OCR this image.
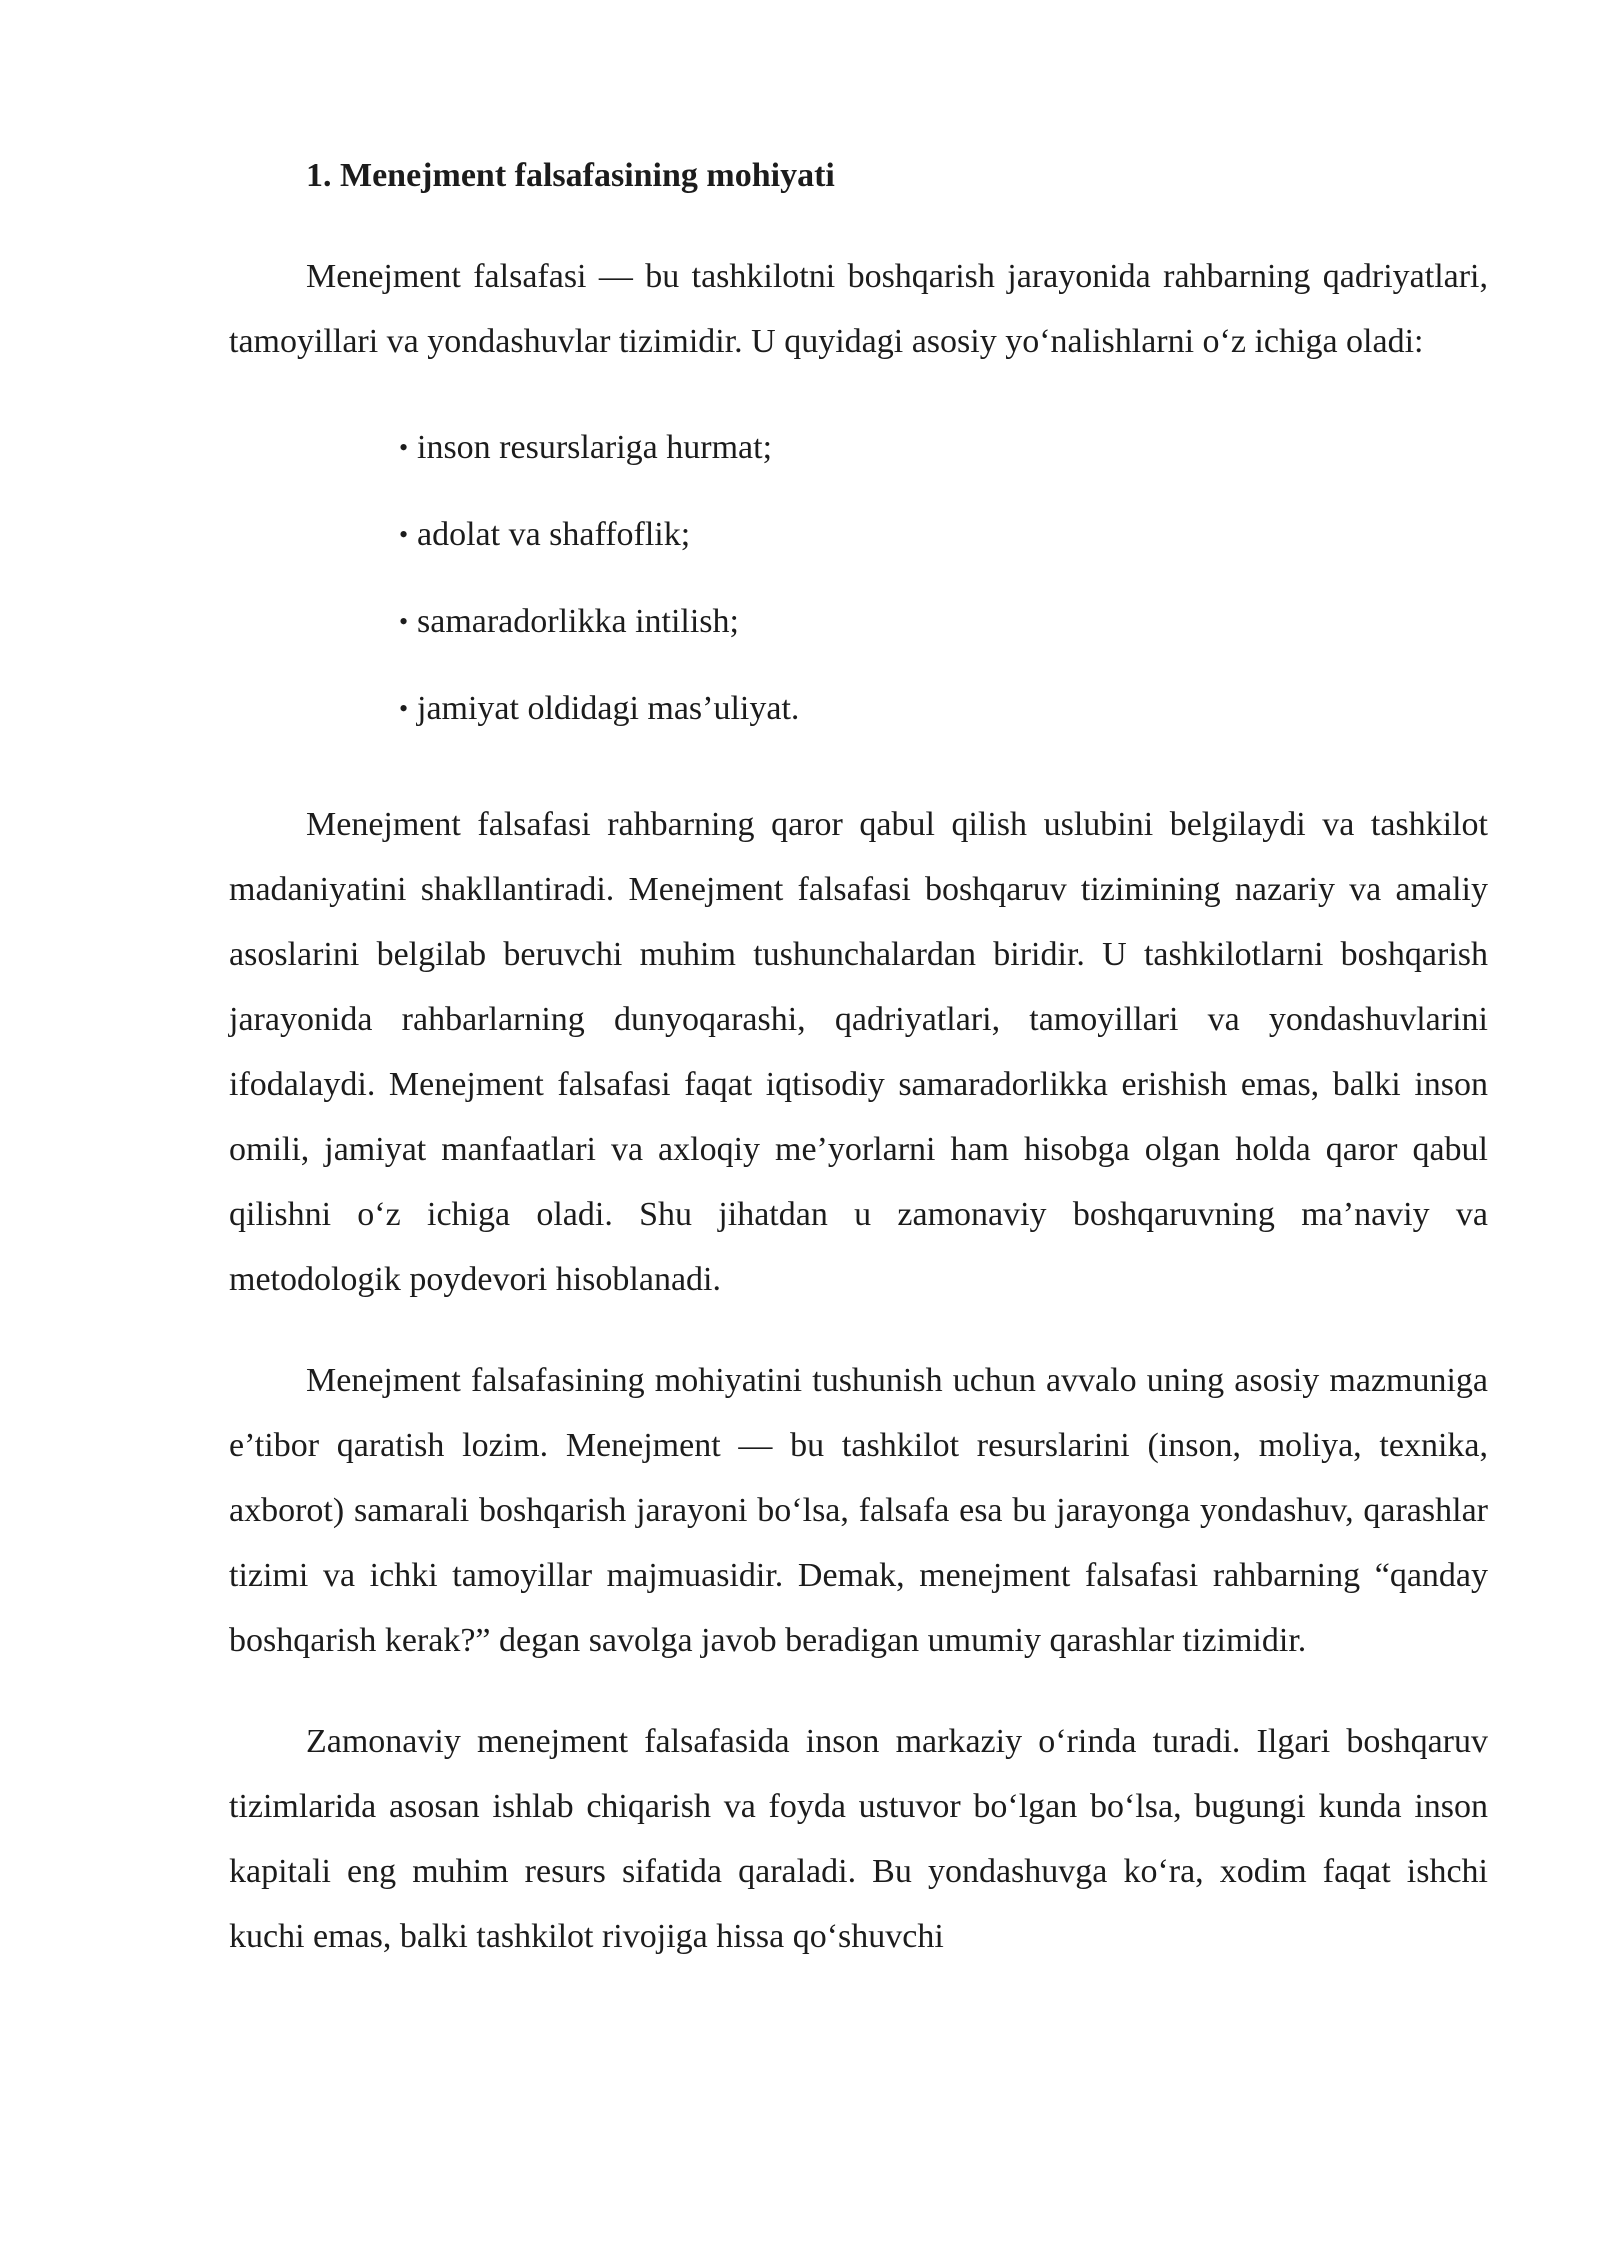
1. Menejment falsafasining mohiyati

Menejment falsafasi — bu tashkilotni boshqarish jarayonida rahbarning qadriyatlari, tamoyillari va yondashuvlar tizimidir. U quyidagi asosiy yo‘nalishlarni o‘z ichiga oladi:

• inson resurslariga hurmat;
• adolat va shaffoflik;
• samaradorlikka intilish;
• jamiyat oldidagi mas’uliyat.

Menejment falsafasi rahbarning qaror qabul qilish uslubini belgilaydi va tashkilot madaniyatini shakllantiradi. Menejment falsafasi boshqaruv tizimining nazariy va amaliy asoslarini belgilab beruvchi muhim tushunchalardan biridir. U tashkilotlarni boshqarish jarayonida rahbarlarning dunyoqarashi, qadriyatlari, tamoyillari va yondashuvlarini ifodalaydi. Menejment falsafasi faqat iqtisodiy samaradorlikka erishish emas, balki inson omili, jamiyat manfaatlari va axloqiy me’yorlarni ham hisobga olgan holda qaror qabul qilishni o‘z ichiga oladi. Shu jihatdan u zamonaviy boshqaruvning ma’naviy va metodologik poydevori hisoblanadi.

Menejment falsafasining mohiyatini tushunish uchun avvalo uning asosiy mazmuniga e’tibor qaratish lozim. Menejment — bu tashkilot resurslarini (inson, moliya, texnika, axborot) samarali boshqarish jarayoni bo‘lsa, falsafa esa bu jarayonga yondashuv, qarashlar tizimi va ichki tamoyillar majmuasidir. Demak, menejment falsafasi rahbarning “qanday boshqarish kerak?” degan savolga javob beradigan umumiy qarashlar tizimidir.

Zamonaviy menejment falsafasida inson markaziy o‘rinda turadi. Ilgari boshqaruv tizimlarida asosan ishlab chiqarish va foyda ustuvor bo‘lgan bo‘lsa, bugungi kunda inson kapitali eng muhim resurs sifatida qaraladi. Bu yondashuvga ko‘ra, xodim faqat ishchi kuchi emas, balki tashkilot rivojiga hissa qo‘shuvchi
